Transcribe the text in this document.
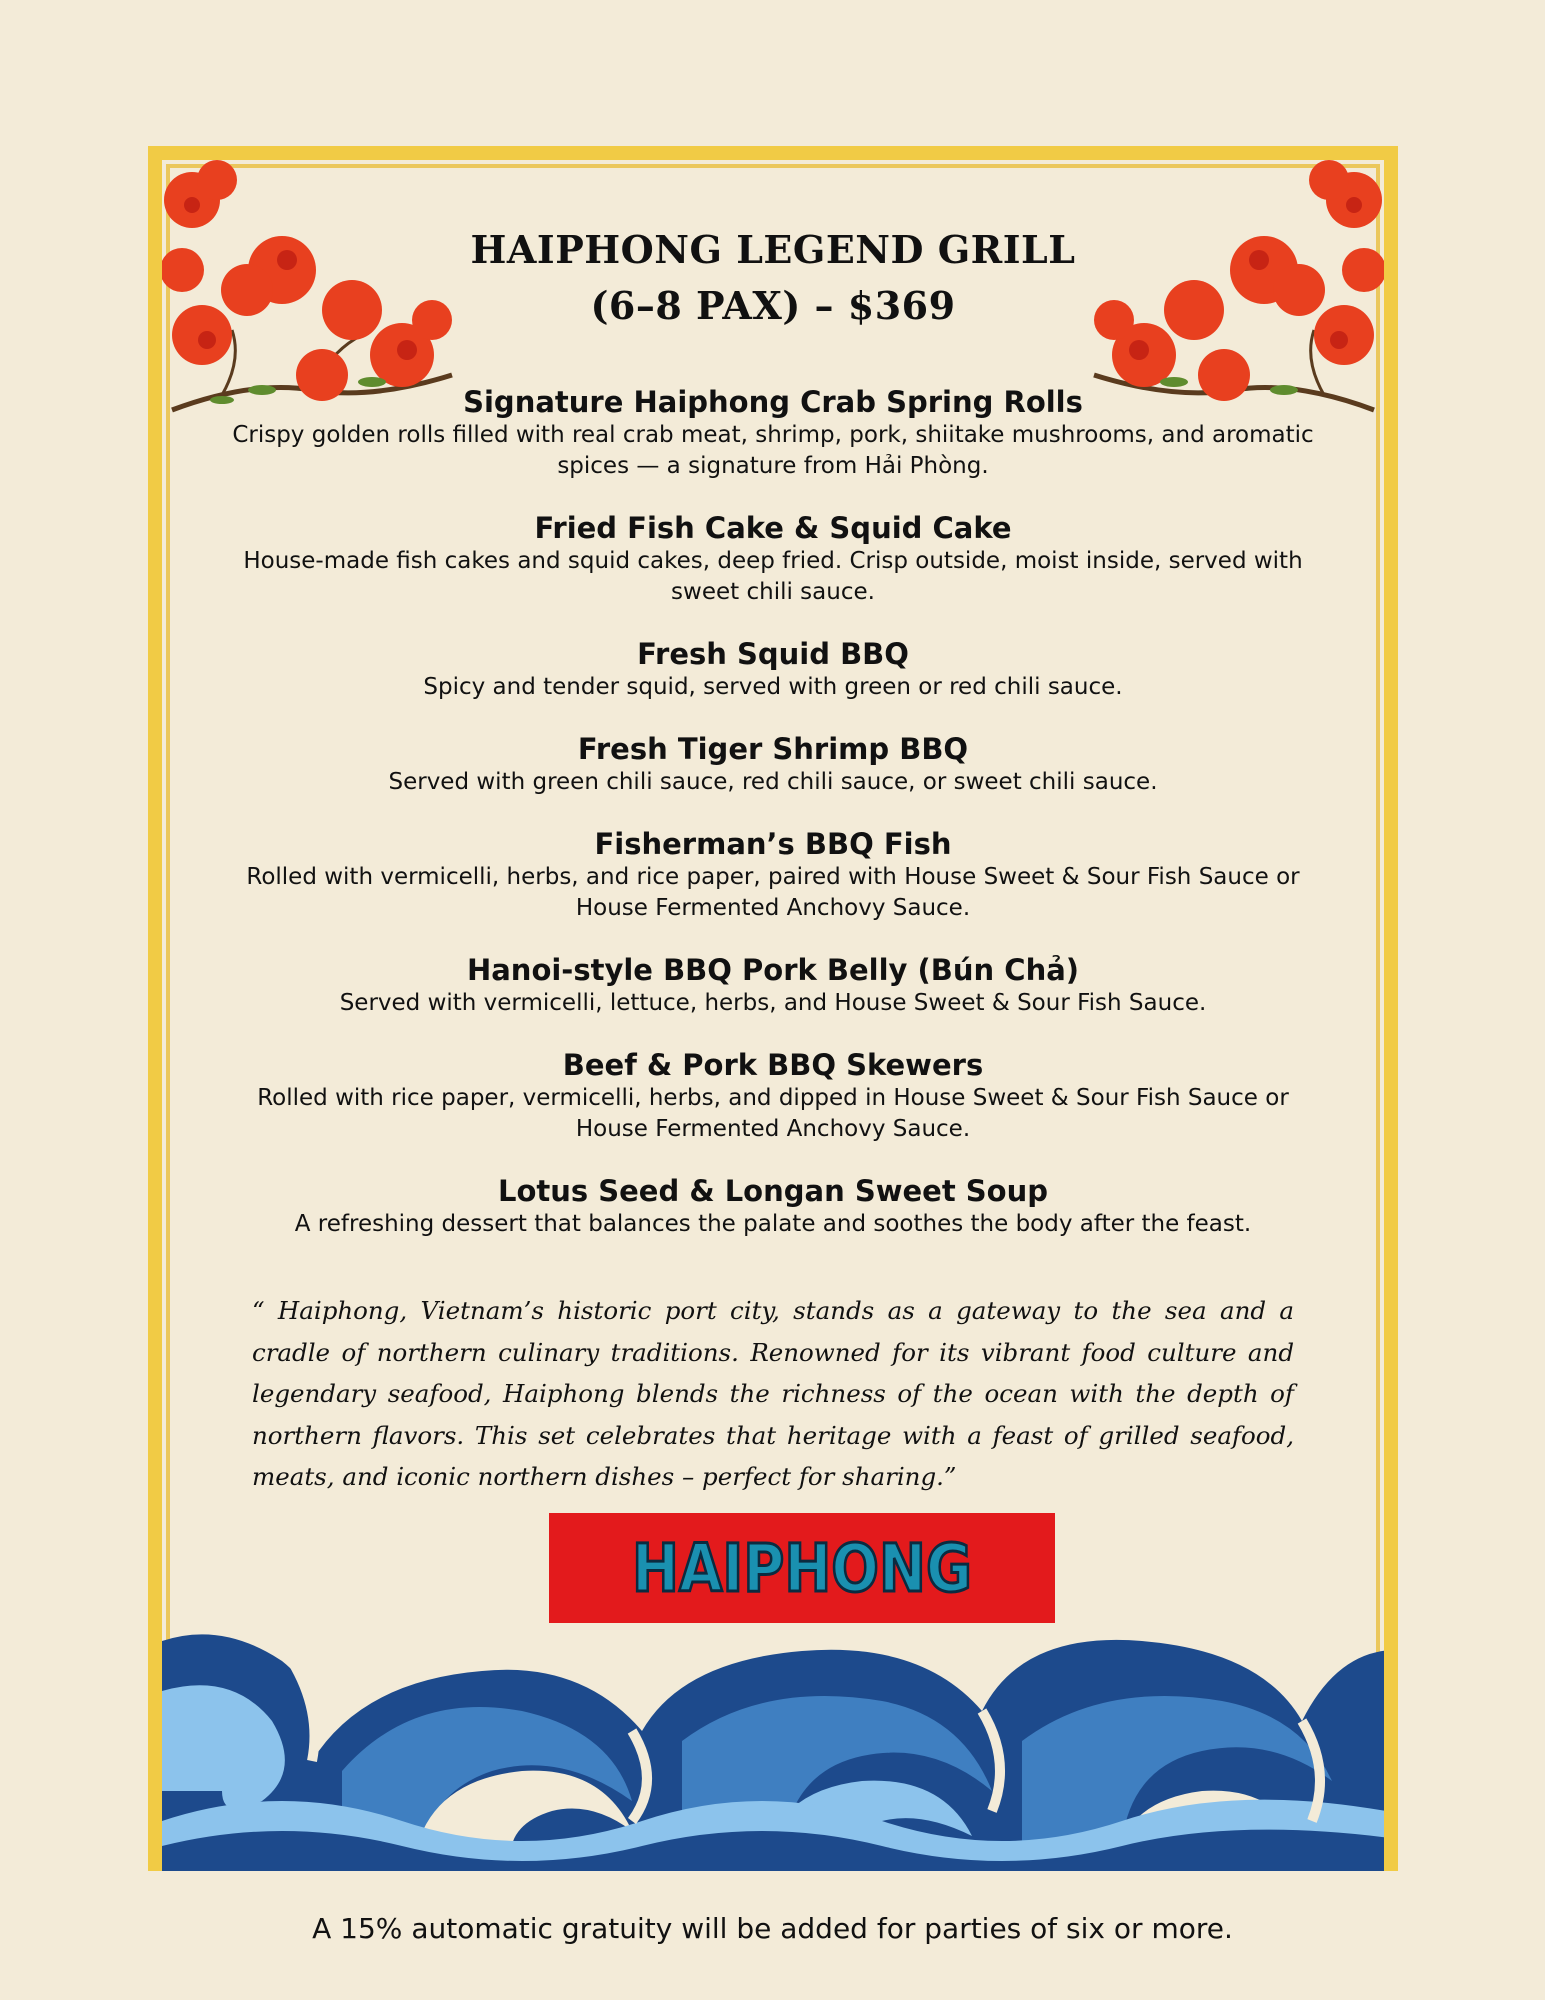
HAIPHONG LEGEND GRILL
(6–8 PAX) – $369
Signature Haiphong Crab Spring Rolls
Crispy golden rolls filled with real crab meat, shrimp, pork, shiitake mushrooms, and aromatic spices — a signature from Hải Phòng.
Fried Fish Cake & Squid Cake
House-made fish cakes and squid cakes, deep fried. Crisp outside, moist inside, served with sweet chili sauce.
Fresh Squid BBQ
Spicy and tender squid, served with green or red chili sauce.
Fresh Tiger Shrimp BBQ
Served with green chili sauce, red chili sauce, or sweet chili sauce.
Fisherman’s BBQ Fish
Rolled with vermicelli, herbs, and rice paper, paired with House Sweet & Sour Fish Sauce or House Fermented Anchovy Sauce.
Hanoi-style BBQ Pork Belly (Bún Chả)
Served with vermicelli, lettuce, herbs, and House Sweet & Sour Fish Sauce.
Beef & Pork BBQ Skewers
Rolled with rice paper, vermicelli, herbs, and dipped in House Sweet & Sour Fish Sauce or House Fermented Anchovy Sauce.
Lotus Seed & Longan Sweet Soup
A refreshing dessert that balances the palate and soothes the body after the feast.
“ Haiphong, Vietnam’s historic port city, stands as a gateway to the sea and a cradle of northern culinary traditions. Renowned for its vibrant food culture and legendary seafood, Haiphong blends the richness of the ocean with the depth of northern flavors. This set celebrates that heritage with a feast of grilled seafood, meats, and iconic northern dishes – perfect for sharing.”
HAIPHONG
A 15% automatic gratuity will be added for parties of six or more.
